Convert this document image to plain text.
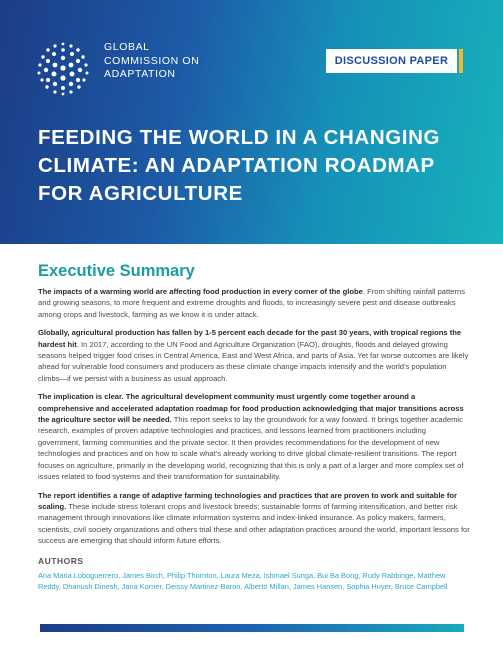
GLOBAL
COMMISSION ON
ADAPTATION
DISCUSSION PAPER
FEEDING THE WORLD IN A CHANGING
CLIMATE: AN ADAPTATION ROADMAP
FOR AGRICULTURE
Executive Summary

The impacts of a warming world are affecting food production in every corner of the globe. From shifting rainfall patterns and growing seasons, to more frequent and extreme droughts and floods, to increasingly severe pest and disease outbreaks among crops and livestock, farming as we know it is under attack.

Globally, agricultural production has fallen by 1-5 percent each decade for the past 30 years, with tropical regions the hardest hit. In 2017, according to the UN Food and Agriculture Organization (FAO), droughts, floods and delayed growing seasons helped trigger food crises in Central America, East and West Africa, and parts of Asia. Yet far worse outcomes are likely ahead for vulnerable food consumers and producers as these climate change impacts intensify and the world’s population climbs—if we persist with a business as usual approach.

The implication is clear. The agricultural development community must urgently come together around a comprehensive and accelerated adaptation roadmap for food production acknowledging that major transitions across the agriculture sector will be needed. This report seeks to lay the groundwork for a way forward. It brings together academic research, examples of proven adaptive technologies and practices, and lessons learned from practitioners including government, farming communities and the private sector. It then provides recommendations for the development of new technologies and practices and on how to scale what’s already working to drive global climate-resilient transitions. The report focuses on agriculture, primarily in the developing world, recognizing that this is only a part of a larger and more complex set of issues related to food systems and their transformation for sustainability.

The report identifies a range of adaptive farming technologies and practices that are proven to work and suitable for scaling. These include stress tolerant crops and livestock breeds; sustainable forms of farming intensification, and better risk management through innovations like climate information systems and index-linked insurance. As policy makers, farmers, scientists, civil society organizations and others trial these and other adaptation practices around the world, important lessons for success are emerging that should inform future efforts.

AUTHORS
Ana Maria Loboguerrero, James Birch, Philip Thornton, Laura Meza, Ishmael Sunga, Bui Ba Bong, Rudy Rabbinge, Matthew Reddy, Dhanush Dinesh, Jana Korner, Deissy Martinez-Baron, Alberto Millan, James Hansen, Sophia Huyer, Bruce Campbell
